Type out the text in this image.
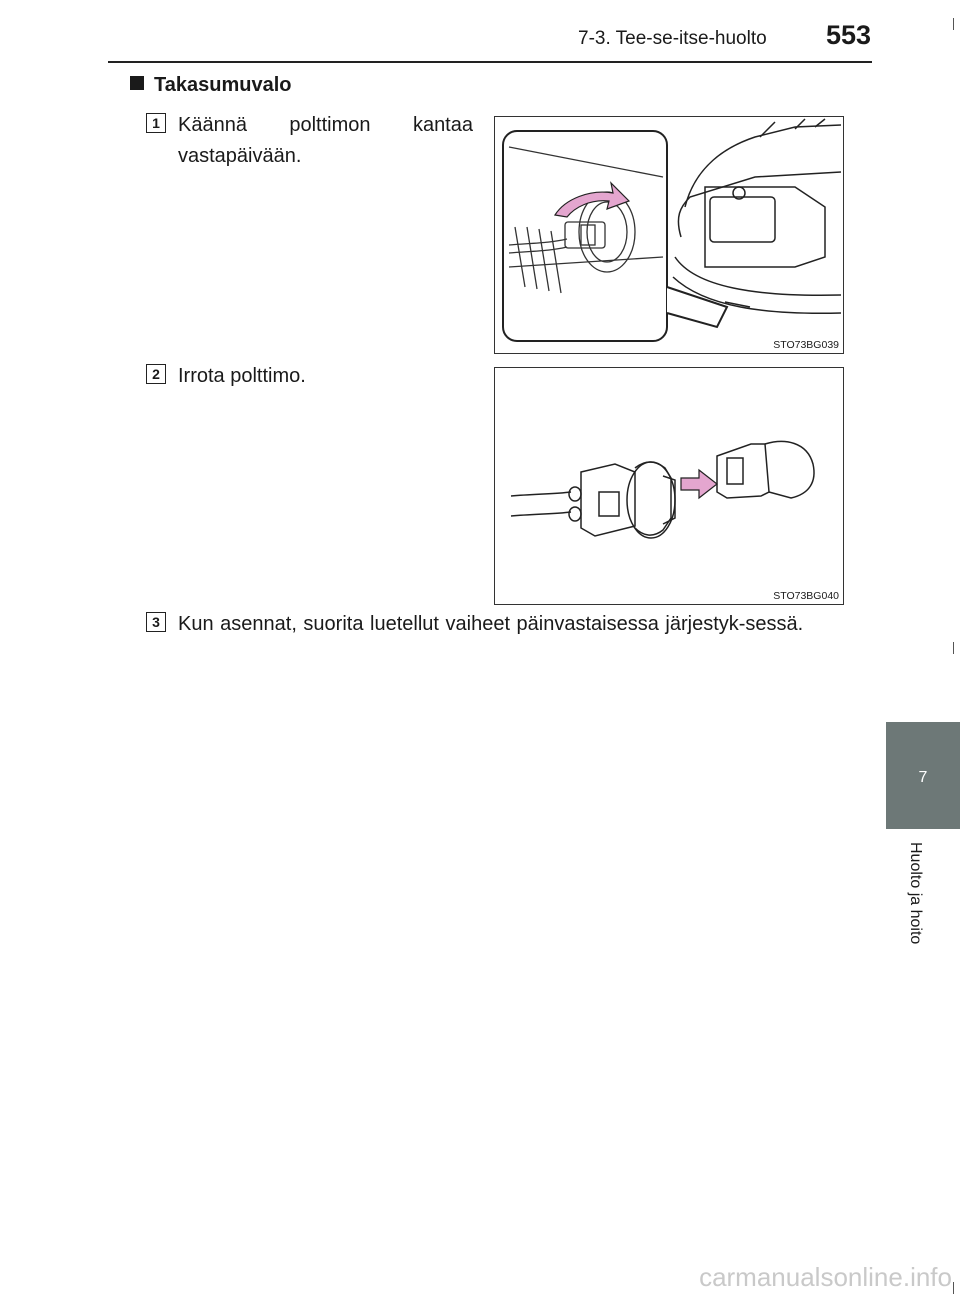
7-3. Tee-se-itse-huolto 553
7
Huolto ja hoito
Takasumuvalo
1 Käännä polttimon kantaa vastapäivään.
STO73BG039
2 Irrota polttimo.
STO73BG040
3 Kun asennat, suorita luetellut vaiheet päinvastaisessa järjestyk-sessä.
carmanualsonline.info
